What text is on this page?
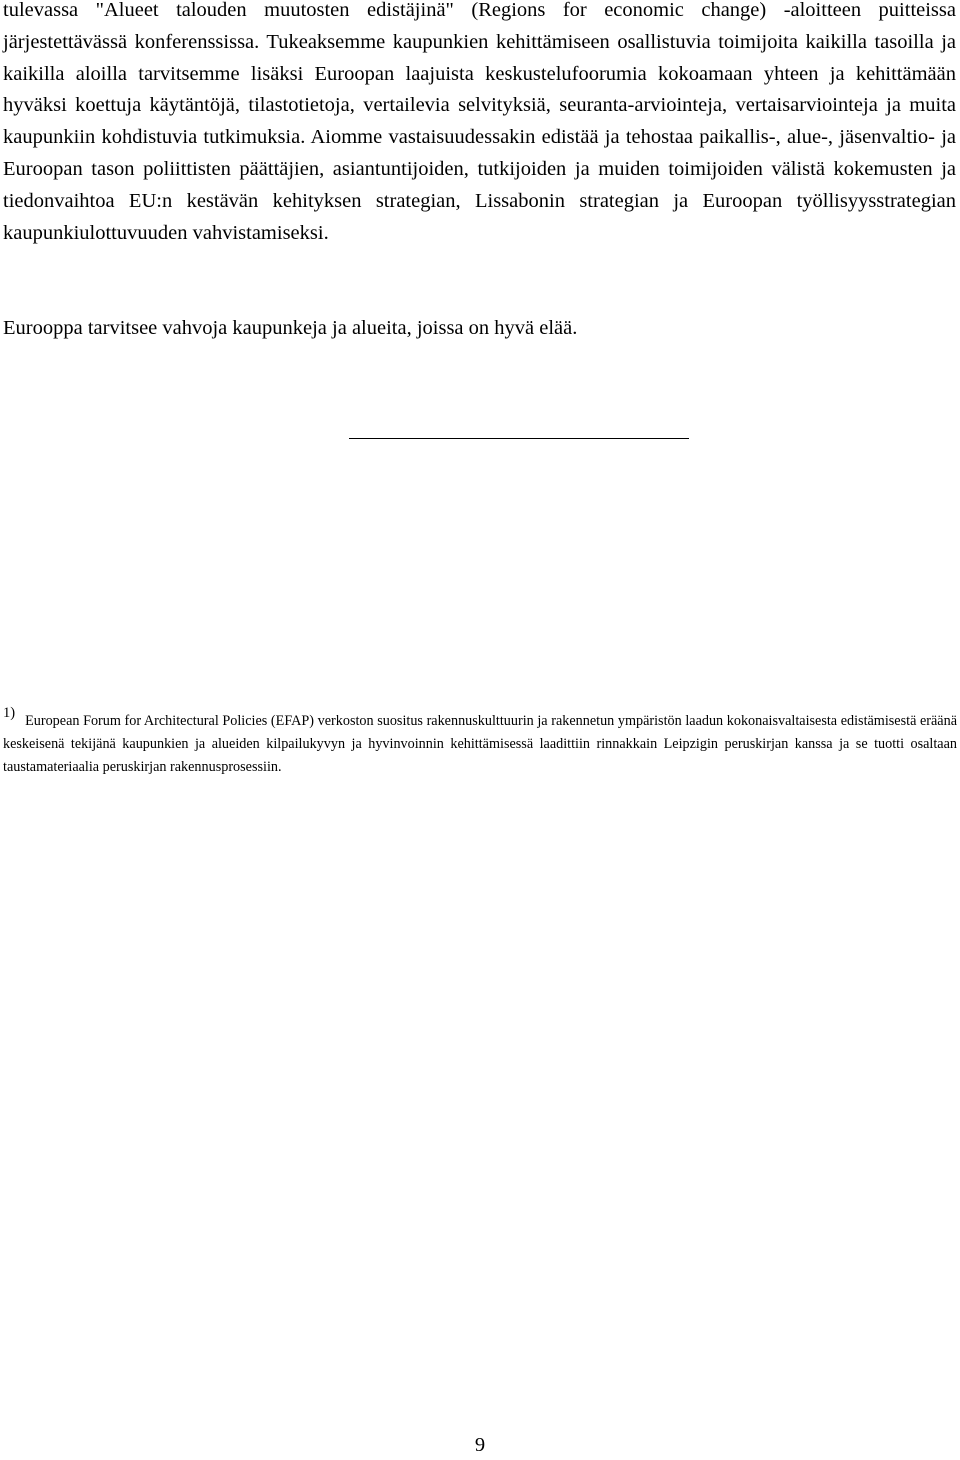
tulevassa "Alueet talouden muutosten edistäjinä" (Regions for economic change) -aloitteen puitteissa järjestettävässä konferenssissa. Tukeaksemme kaupunkien kehittämiseen osallistuvia toimijoita kaikilla tasoilla ja kaikilla aloilla tarvitsemme lisäksi Euroopan laajuista keskustelufoorumia kokoamaan yhteen ja kehittämään hyväksi koettuja käytäntöjä, tilastotietoja, vertailevia selvityksiä, seuranta-arviointeja, vertaisarviointeja ja muita kaupunkiin kohdistuvia tutkimuksia. Aiomme vastaisuudessakin edistää ja tehostaa paikallis-, alue-, jäsenvaltio- ja Euroopan tason poliittisten päättäjien, asiantuntijoiden, tutkijoiden ja muiden toimijoiden välistä kokemusten ja tiedonvaihtoa EU:n kestävän kehityksen strategian, Lissabonin strategian ja Euroopan työllisyysstrategian kaupunkiulottuvuuden vahvistamiseksi.

Eurooppa tarvitsee vahvoja kaupunkeja ja alueita, joissa on hyvä elää.

1) European Forum for Architectural Policies (EFAP) verkoston suositus rakennuskulttuurin ja rakennetun ympäristön laadun kokonaisvaltaisesta edistämisestä eräänä keskeisenä tekijänä kaupunkien ja alueiden kilpailukyvyn ja hyvinvoinnin kehittämisessä laadittiin rinnakkain Leipzigin peruskirjan kanssa ja se tuotti osaltaan taustamateriaalia peruskirjan rakennusprosessiin.

9
